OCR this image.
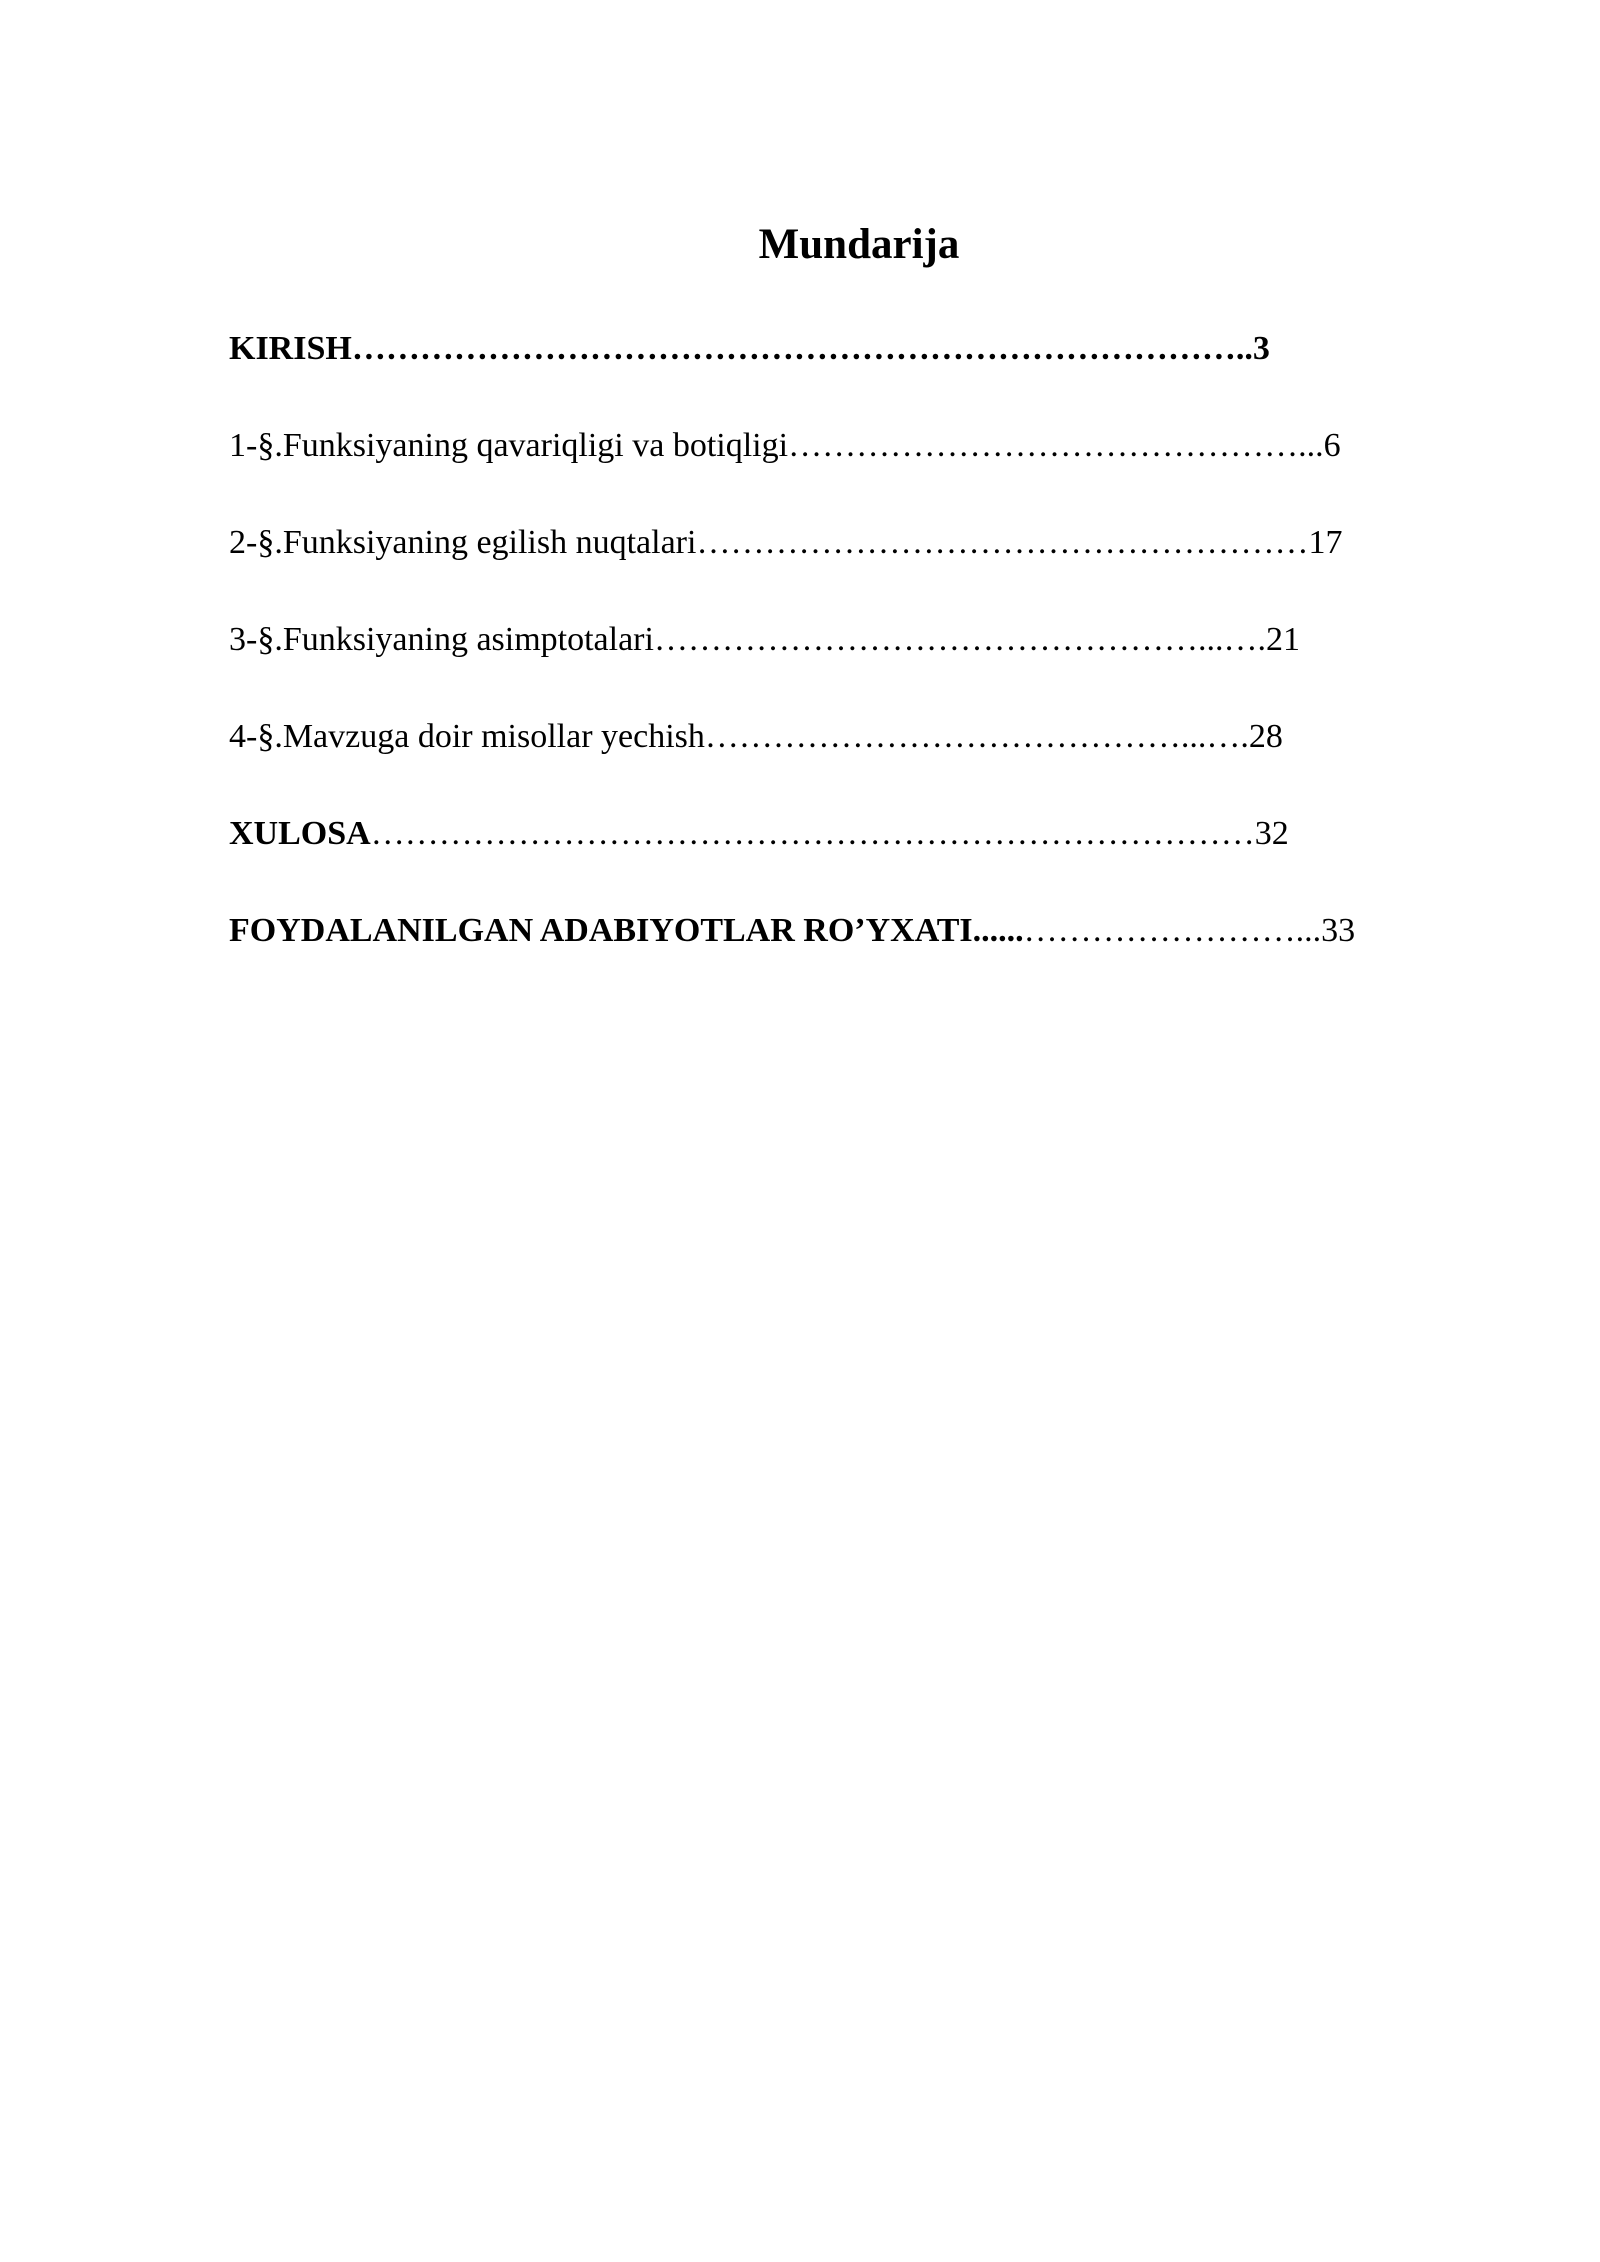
Mundarija
KIRISH……………………………………………………………………..3
1-§.Funksiyaning qavariqligi va botiqligi………………………………………...6
2-§.Funksiyaning egilish nuqtalari………………………………………………17
3-§.Funksiyaning asimptotalari…………………………………………...….21
4-§.Mavzuga doir misollar yechish……………………………………...….28
XULOSA……………………………………………………………………32
FOYDALANILGAN ADABIYOTLAR RO’YXATI......……………………...33
